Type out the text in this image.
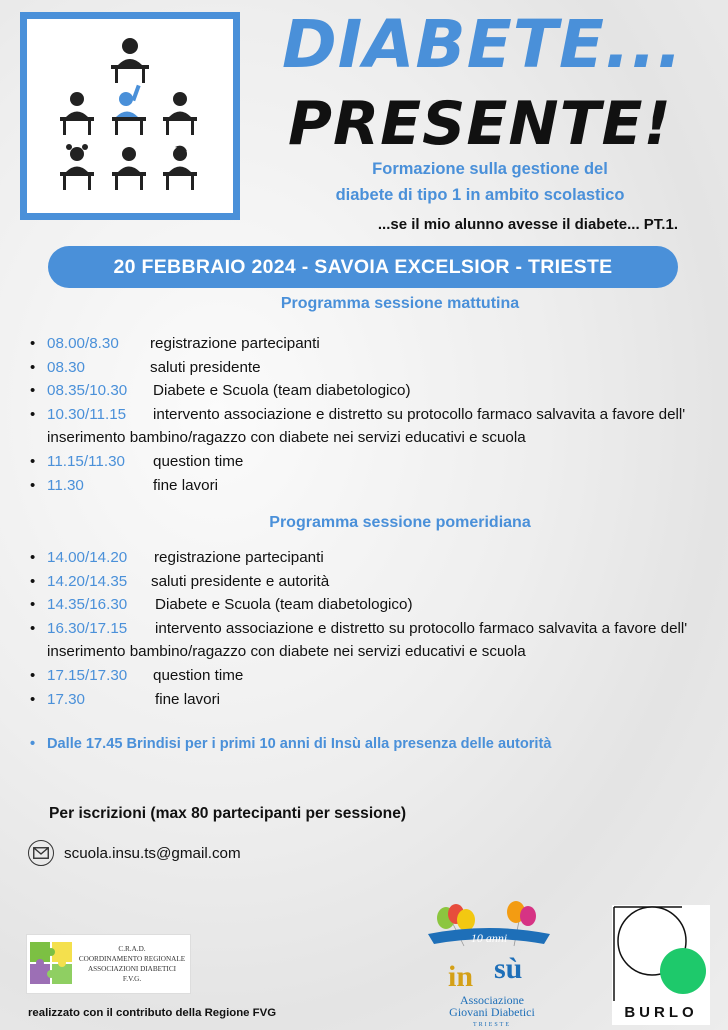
DIABETE...
PRESENTE!
Formazione sulla gestione del
diabete di tipo 1 in ambito scolastico
...se il mio alunno avesse il diabete... PT.1.
20 FEBBRAIO 2024 - SAVOIA EXCELSIOR - TRIESTE
Programma sessione mattutina
• 08.00/8.30 registrazione partecipanti
• 08.30	saluti presidente
• 08.35/10.30 Diabete e Scuola (team diabetologico)
• 10.30/11.15 intervento associazione e distretto su protocollo farmaco salvavita a favore dell' inserimento bambino/ragazzo con diabete nei servizi educativi e scuola
• 11.15/11.30 question time
• 11.30	fine lavori
Programma sessione pomeridiana
• 14.00/14.20 registrazione partecipanti
• 14.20/14.35 saluti presidente e autorità
• 14.35/16.30 Diabete e Scuola (team diabetologico)
• 16.30/17.15 intervento associazione e distretto su protocollo farmaco salvavita a favore dell' inserimento bambino/ragazzo con diabete nei servizi educativi e scuola
• 17.15/17.30 question time
• 17.30	fine lavori
• Dalle 17.45 Brindisi per i primi 10 anni di Insù alla presenza delle autorità
Per iscrizioni (max 80 partecipanti per sessione)
scuola.insu.ts@gmail.com
C.R.A.D.
COORDINAMENTO REGIONALE
ASSOCIAZIONI DIABETICI
F.V.G.
realizzato con il contributo della Regione FVG
10 anni
in sù
Associazione
Giovani Diabetici
TRIESTE
BURLO
